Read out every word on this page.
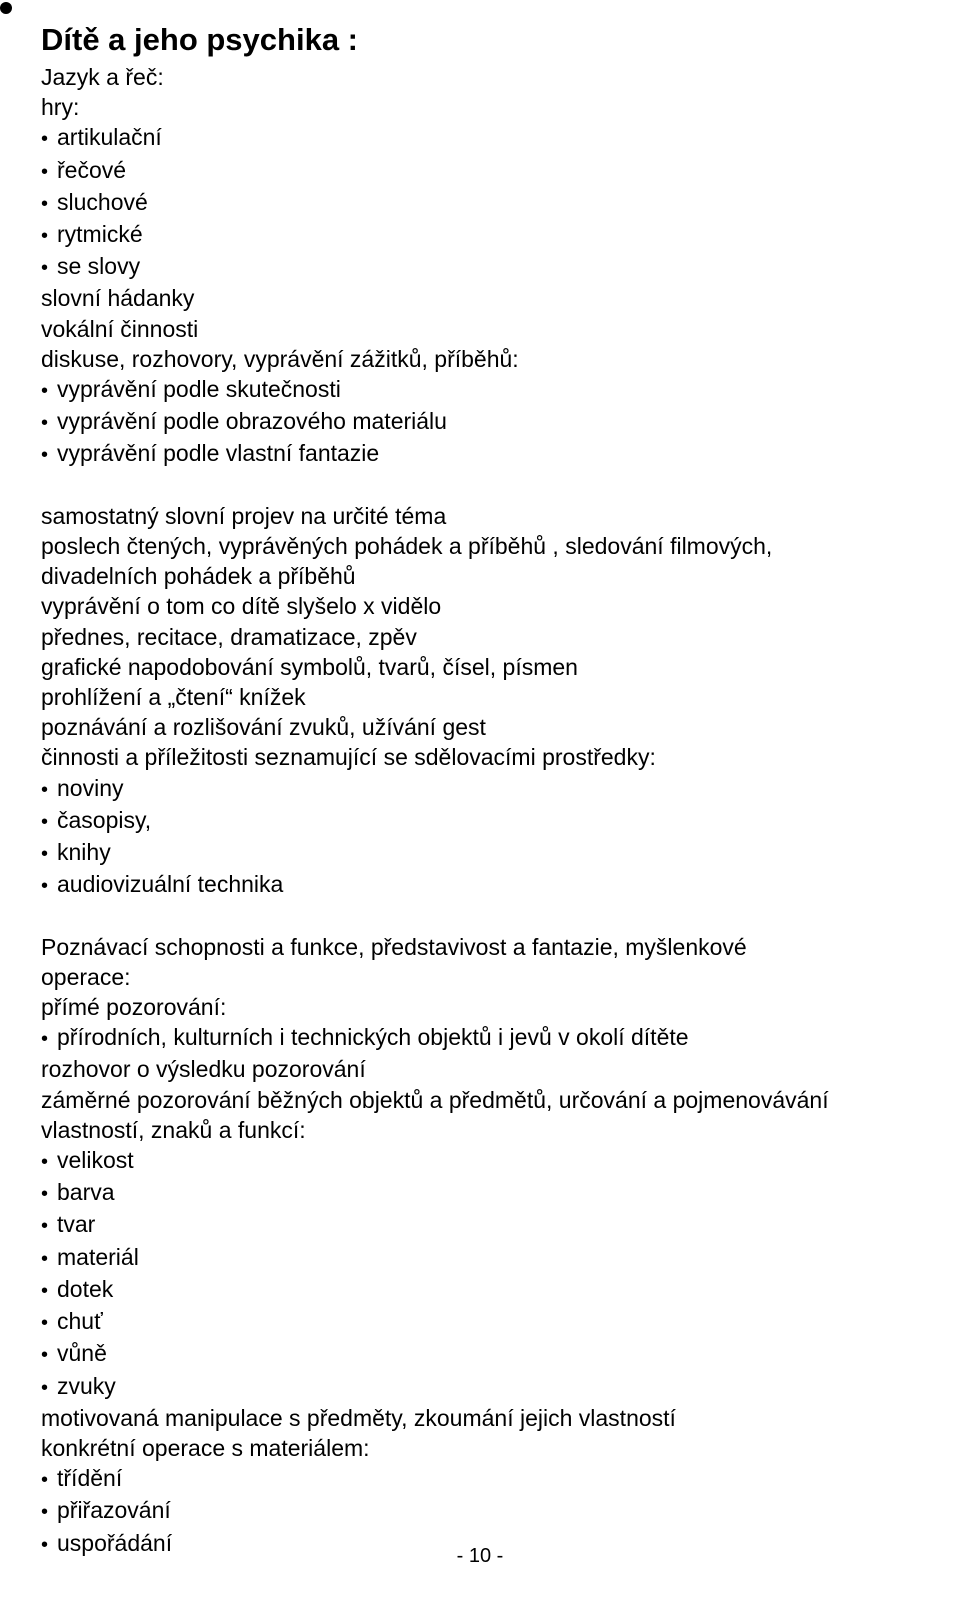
Dítě a jeho psychika :
Jazyk a řeč:
hry:
• artikulační
• řečové
• sluchové
• rytmické
• se slovy
slovní hádanky
vokální činnosti
diskuse, rozhovory, vyprávění zážitků, příběhů:
• vyprávění podle skutečnosti
• vyprávění podle obrazového materiálu
• vyprávění podle vlastní fantazie
samostatný slovní projev na určité téma
poslech čtených, vyprávěných pohádek a příběhů , sledování filmových,
divadelních pohádek a příběhů
vyprávění o tom co dítě slyšelo x vidělo
přednes, recitace, dramatizace, zpěv
grafické napodobování symbolů, tvarů, čísel, písmen
prohlížení a „čtení“ knížek
poznávání a rozlišování zvuků, užívání gest
činnosti a příležitosti seznamující se sdělovacími prostředky:
• noviny
• časopisy,
• knihy
• audiovizuální technika
Poznávací schopnosti a funkce, představivost a fantazie, myšlenkové
operace:
přímé pozorování:
• přírodních, kulturních i technických objektů i jevů v okolí dítěte
rozhovor o výsledku pozorování
záměrné pozorování běžných objektů a předmětů, určování a pojmenovávání
vlastností, znaků a funkcí:
• velikost
• barva
• tvar
• materiál
• dotek
• chuť
• vůně
• zvuky
motivovaná manipulace s předměty, zkoumání jejich vlastností
konkrétní operace s materiálem:
• třídění
• přiřazování
• uspořádání
- 10 -
